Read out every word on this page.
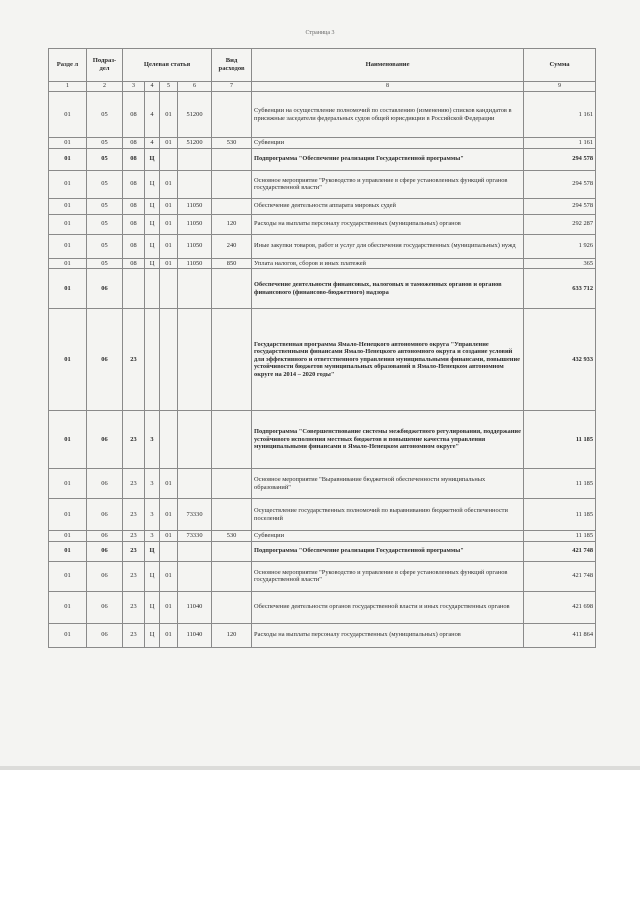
Страница 3
Разде л	Подраз- дел	Целевая статья				Вид расходов	Наименование	Сумма
1	2	3	4	5	6	7	8	9
01	05	08	4	01	51200		Субвенции на осуществление полномочий по составлению (изменению) списков кандидатов в присяжные заседатели федеральных судов общей юрисдикции в Российской Федерации	1 161
01	05	08	4	01	51200	530	Субвенции	1 161
01	05	08	Ц				Подпрограмма "Обеспечение реализации Государственной программы"	294 578
01	05	08	Ц	01			Основное мероприятие "Руководство и управление в сфере установленных функций органов государственной власти"	294 578
01	05	08	Ц	01	11050		Обеспечение деятельности аппарата мировых судей	294 578
01	05	08	Ц	01	11050	120	Расходы на выплаты персоналу государственных (муниципальных) органов	292 287
01	05	08	Ц	01	11050	240	Иные закупки товаров, работ и услуг для обеспечения государственных (муниципальных) нужд	1 926
01	05	08	Ц	01	11050	850	Уплата налогов, сборов и иных платежей	365
01	06						Обеспечение деятельности финансовых, налоговых и таможенных органов и органов финансового (финансово-бюджетного) надзора	633 712
01	06	23					Государственная программа Ямало-Ненецкого автономного округа "Управление государственными финансами Ямало-Ненецкого автономного округа и создание условий для эффективного и ответственного управления муниципальными финансами, повышение устойчивости бюджетов муниципальных образований в Ямало-Ненецком автономном округе на 2014 – 2020 годы"	432 933
01	06	23	3				Подпрограмма "Совершенствование системы межбюджетного регулирования, поддержание устойчивого исполнения местных бюджетов и повышение качества управления муниципальными финансами в Ямало-Ненецком автономном округе"	11 185
01	06	23	3	01			Основное мероприятие "Выравнивание бюджетной обеспеченности муниципальных образований"	11 185
01	06	23	3	01	73330		Осуществление государственных полномочий по выравниванию бюджетной обеспеченности поселений	11 185
01	06	23	3	01	73330	530	Субвенции	11 185
01	06	23	Ц				Подпрограмма "Обеспечение реализации Государственной программы"	421 748
01	06	23	Ц	01			Основное мероприятие "Руководство и управление в сфере установленных функций органов государственной власти"	421 748
01	06	23	Ц	01	11040		Обеспечение деятельности органов государственной власти и иных государственных органов	421 698
01	06	23	Ц	01	11040	120	Расходы на выплаты персоналу государственных (муниципальных) органов	411 864
